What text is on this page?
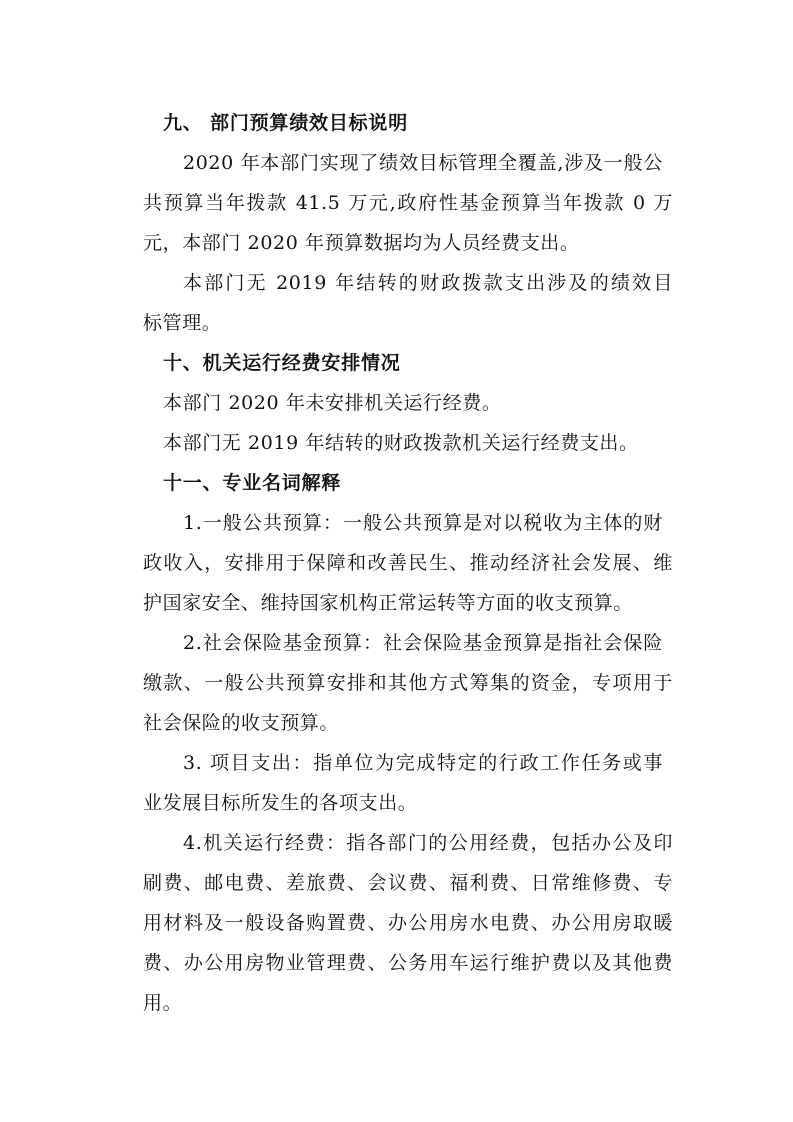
九、 部门预算绩效目标说明
2020 年本部门实现了绩效目标管理全覆盖,涉及一般公
共预算当年拨款 41.5 万元,政府性基金预算当年拨款 0 万
元，本部门 2020 年预算数据均为人员经费支出。
本部门无 2019 年结转的财政拨款支出涉及的绩效目
标管理。
十、机关运行经费安排情况
本部门 2020 年未安排机关运行经费。
本部门无 2019 年结转的财政拨款机关运行经费支出。
十一、专业名词解释
1.一般公共预算：一般公共预算是对以税收为主体的财
政收入，安排用于保障和改善民生、推动经济社会发展、维
护国家安全、维持国家机构正常运转等方面的收支预算。
2.社会保险基金预算：社会保险基金预算是指社会保险
缴款、一般公共预算安排和其他方式筹集的资金，专项用于
社会保险的收支预算。
3. 项目支出：指单位为完成特定的行政工作任务或事
业发展目标所发生的各项支出。
4.机关运行经费：指各部门的公用经费，包括办公及印
刷费、邮电费、差旅费、会议费、福利费、日常维修费、专
用材料及一般设备购置费、办公用房水电费、办公用房取暖
费、办公用房物业管理费、公务用车运行维护费以及其他费
用。
